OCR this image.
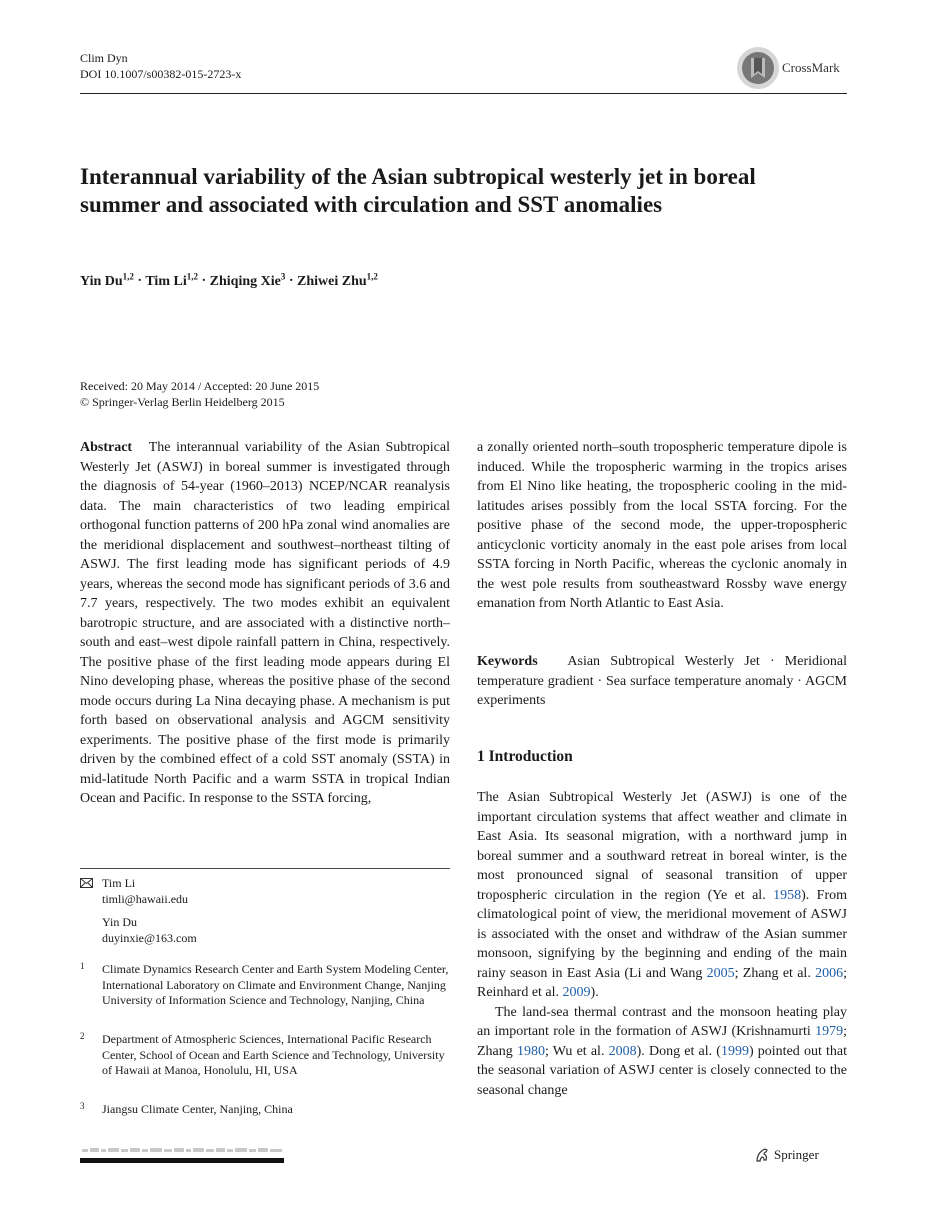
Clim Dyn
DOI 10.1007/s00382-015-2723-x	CrossMark
Interannual variability of the Asian subtropical westerly jet in boreal summer and associated with circulation and SST anomalies
Yin Du$^{1,2}$ · Tim Li$^{1,2}$ · Zhiqing Xie$^3$ · Zhiwei Zhu$^{1,2}$
Received: 20 May 2014 / Accepted: 20 June 2015
© Springer-Verlag Berlin Heidelberg 2015
Abstract The interannual variability of the Asian Subtropical Westerly Jet (ASWJ) in boreal summer is investigated through the diagnosis of 54-year (1960–2013) NCEP/NCAR reanalysis data. The main characteristics of two leading empirical orthogonal function patterns of 200 hPa zonal wind anomalies are the meridional displacement and southwest–northeast tilting of ASWJ. The first leading mode has significant periods of 4.9 years, whereas the second mode has significant periods of 3.6 and 7.7 years, respectively. The two modes exhibit an equivalent barotropic structure, and are associated with a distinctive north–south and east–west dipole rainfall pattern in China, respectively. The positive phase of the first leading mode appears during El Nino developing phase, whereas the positive phase of the second mode occurs during La Nina decaying phase. A mechanism is put forth based on observational analysis and AGCM sensitivity experiments. The positive phase of the first mode is primarily driven by the combined effect of a cold SST anomaly (SSTA) in mid-latitude North Pacific and a warm SSTA in tropical Indian Ocean and Pacific. In response to the SSTA forcing,
a zonally oriented north–south tropospheric temperature dipole is induced. While the tropospheric warming in the tropics arises from El Nino like heating, the tropospheric cooling in the mid-latitudes arises possibly from the local SSTA forcing. For the positive phase of the second mode, the upper-tropospheric anticyclonic vorticity anomaly in the east pole arises from local SSTA forcing in North Pacific, whereas the cyclonic anomaly in the west pole results from southeastward Rossby wave energy emanation from North Atlantic to East Asia.
Keywords Asian Subtropical Westerly Jet · Meridional temperature gradient · Sea surface temperature anomaly · AGCM experiments
1 Introduction

The Asian Subtropical Westerly Jet (ASWJ) is one of the important circulation systems that affect weather and climate in East Asia. Its seasonal migration, with a northward jump in boreal summer and a southward retreat in boreal winter, is the most pronounced signal of seasonal transition of upper tropospheric circulation in the region (Ye et al. 1958). From climatological point of view, the meridional movement of ASWJ is associated with the onset and withdraw of the Asian summer monsoon, signifying by the beginning and ending of the main rainy season in East Asia (Li and Wang 2005; Zhang et al. 2006; Reinhard et al. 2009).

The land-sea thermal contrast and the monsoon heating play an important role in the formation of ASWJ (Krishnamurti 1979; Zhang 1980; Wu et al. 2008). Dong et al. (1999) pointed out that the seasonal variation of ASWJ center is closely connected to the seasonal change

Tim Li
timli@hawaii.edu
Yin Du
duyinxie@163.com
1 Climate Dynamics Research Center and Earth System Modeling Center, International Laboratory on Climate and Environment Change, Nanjing University of Information Science and Technology, Nanjing, China
2 Department of Atmospheric Sciences, International Pacific Research Center, School of Ocean and Earth Science and Technology, University of Hawaii at Manoa, Honolulu, HI, USA
3 Jiangsu Climate Center, Nanjing, China
Springer
